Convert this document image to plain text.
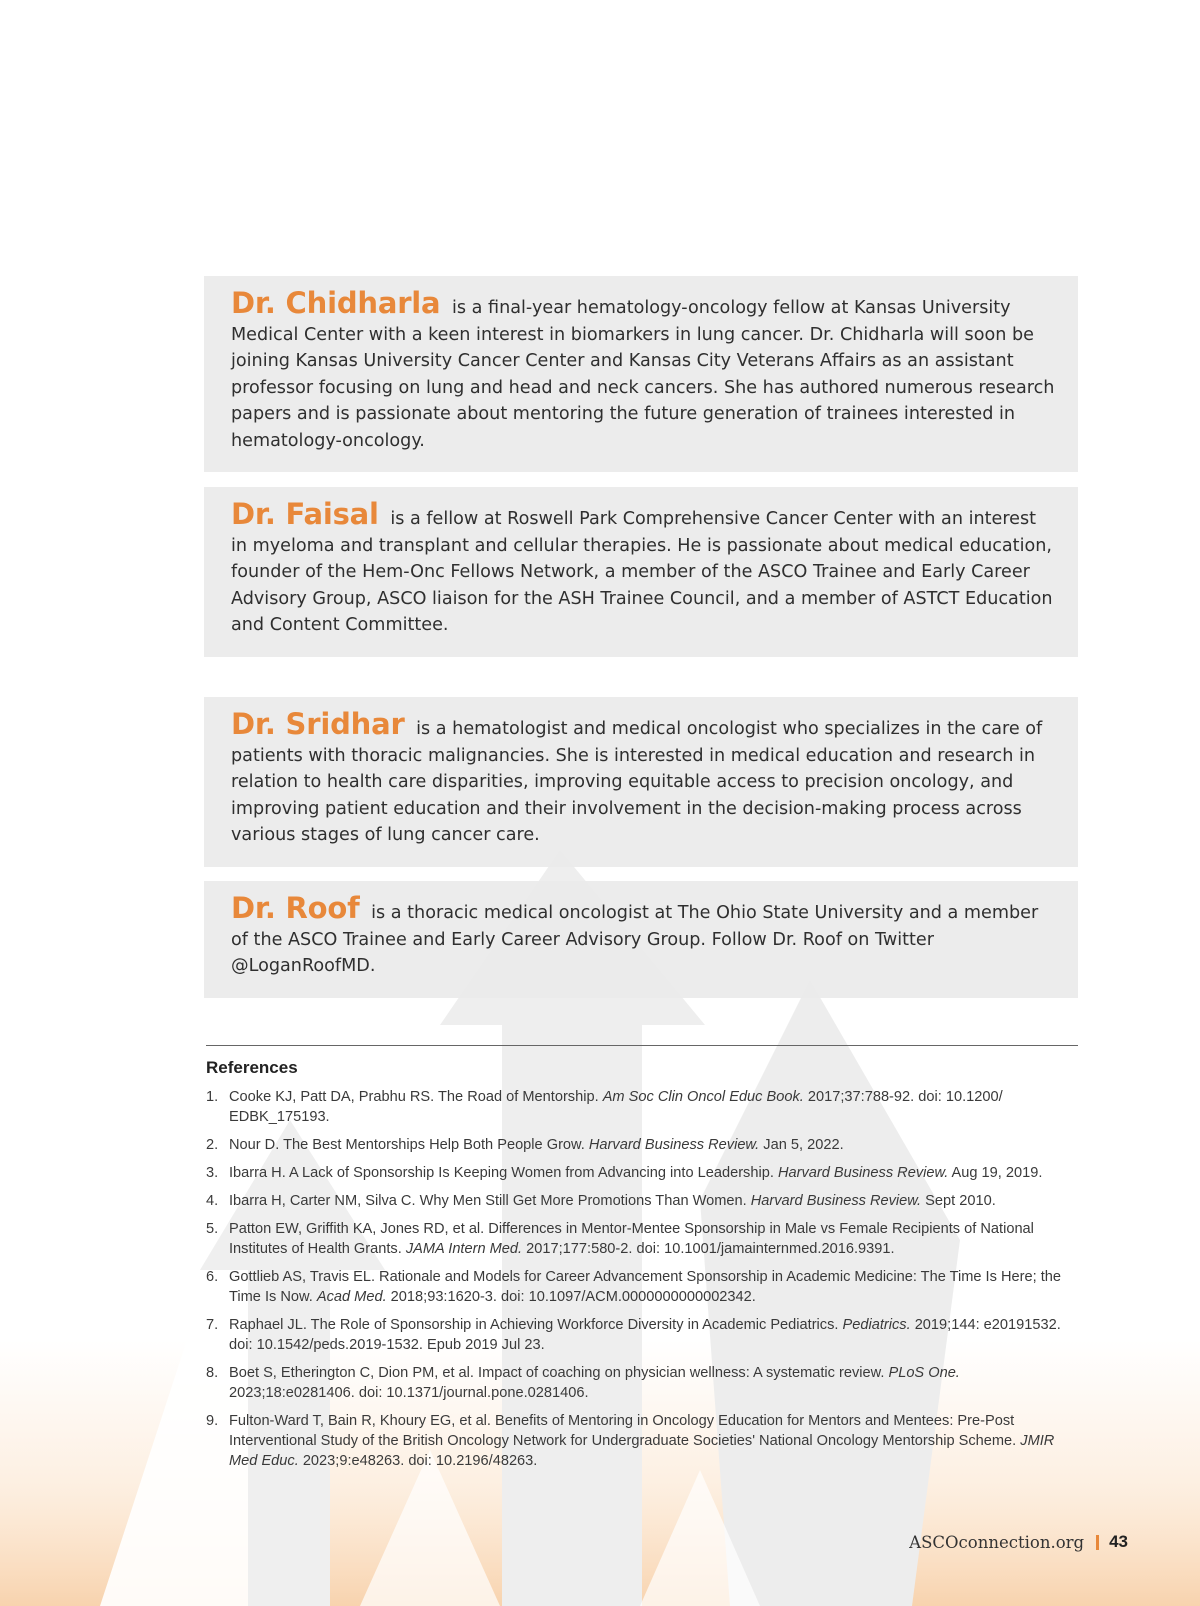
Dr. Chidharla is a final-year hematology-oncology fellow at Kansas University Medical Center with a keen interest in biomarkers in lung cancer. Dr. Chidharla will soon be joining Kansas University Cancer Center and Kansas City Veterans Affairs as an assistant professor focusing on lung and head and neck cancers. She has authored numerous research papers and is passionate about mentoring the future generation of trainees interested in hematology-oncology.
Dr. Faisal is a fellow at Roswell Park Comprehensive Cancer Center with an interest in myeloma and transplant and cellular therapies. He is passionate about medical education, founder of the Hem-Onc Fellows Network, a member of the ASCO Trainee and Early Career Advisory Group, ASCO liaison for the ASH Trainee Council, and a member of ASTCT Education and Content Committee.
Dr. Sridhar is a hematologist and medical oncologist who specializes in the care of patients with thoracic malignancies. She is interested in medical education and research in relation to health care disparities, improving equitable access to precision oncology, and improving patient education and their involvement in the decision-making process across various stages of lung cancer care.
Dr. Roof is a thoracic medical oncologist at The Ohio State University and a member of the ASCO Trainee and Early Career Advisory Group. Follow Dr. Roof on Twitter @LoganRoofMD.
References
1. Cooke KJ, Patt DA, Prabhu RS. The Road of Mentorship. Am Soc Clin Oncol Educ Book. 2017;37:788-92. doi: 10.1200/ EDBK_175193.
2. Nour D. The Best Mentorships Help Both People Grow. Harvard Business Review. Jan 5, 2022.
3. Ibarra H. A Lack of Sponsorship Is Keeping Women from Advancing into Leadership. Harvard Business Review. Aug 19, 2019.
4. Ibarra H, Carter NM, Silva C. Why Men Still Get More Promotions Than Women. Harvard Business Review. Sept 2010.
5. Patton EW, Griffith KA, Jones RD, et al. Differences in Mentor-Mentee Sponsorship in Male vs Female Recipients of National Institutes of Health Grants. JAMA Intern Med. 2017;177:580-2. doi: 10.1001/jamainternmed.2016.9391.
6. Gottlieb AS, Travis EL. Rationale and Models for Career Advancement Sponsorship in Academic Medicine: The Time Is Here; the Time Is Now. Acad Med. 2018;93:1620-3. doi: 10.1097/ACM.0000000000002342.
7. Raphael JL. The Role of Sponsorship in Achieving Workforce Diversity in Academic Pediatrics. Pediatrics. 2019;144: e20191532. doi: 10.1542/peds.2019-1532. Epub 2019 Jul 23.
8. Boet S, Etherington C, Dion PM, et al. Impact of coaching on physician wellness: A systematic review. PLoS One. 2023;18:e0281406. doi: 10.1371/journal.pone.0281406.
9. Fulton-Ward T, Bain R, Khoury EG, et al. Benefits of Mentoring in Oncology Education for Mentors and Mentees: Pre-Post Interventional Study of the British Oncology Network for Undergraduate Societies' National Oncology Mentorship Scheme. JMIR Med Educ. 2023;9:e48263. doi: 10.2196/48263.
ASCOconnection.org 43
